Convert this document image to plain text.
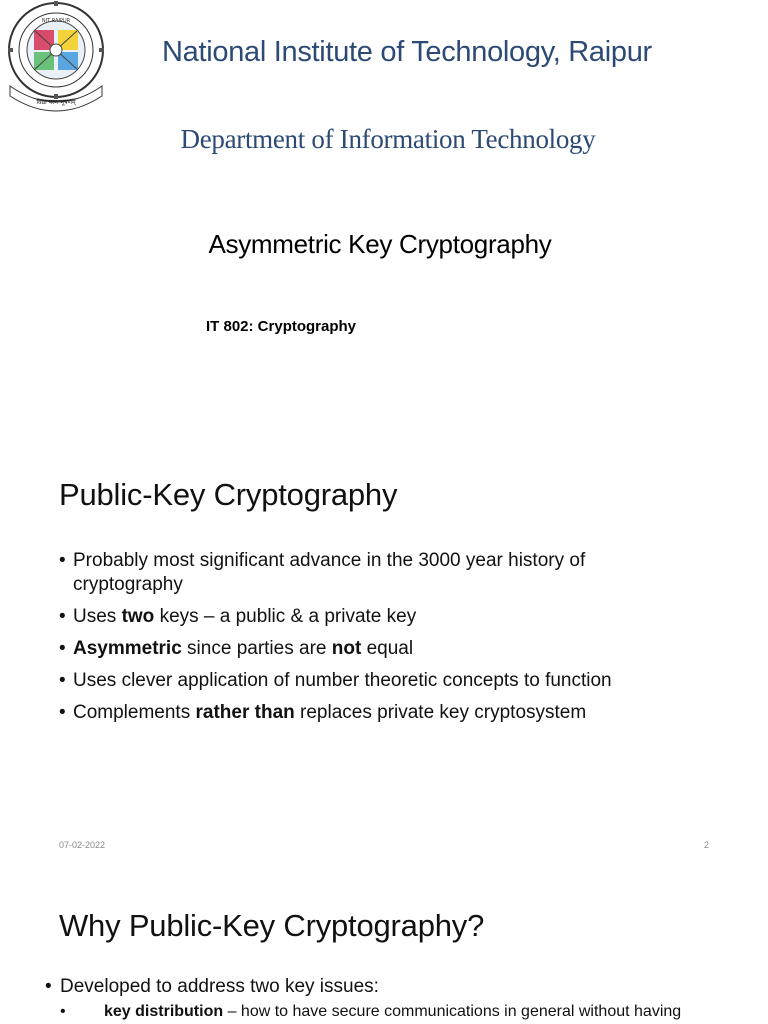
NIT RAIPUR
विद्या परम भूषणम्
National Institute of Technology, Raipur
Department of Information Technology
Asymmetric Key Cryptography
IT 802: Cryptography
Public-Key Cryptography
• Probably most significant advance in the 3000 year history of cryptography
• Uses two keys – a public & a private key
• Asymmetric since parties are not equal
• Uses clever application of number theoretic concepts to function
• Complements rather than replaces private key cryptosystem
07-02-2022	2
Why Public-Key Cryptography?
• Developed to address two key issues:
• key distribution – how to have secure communications in general without having
